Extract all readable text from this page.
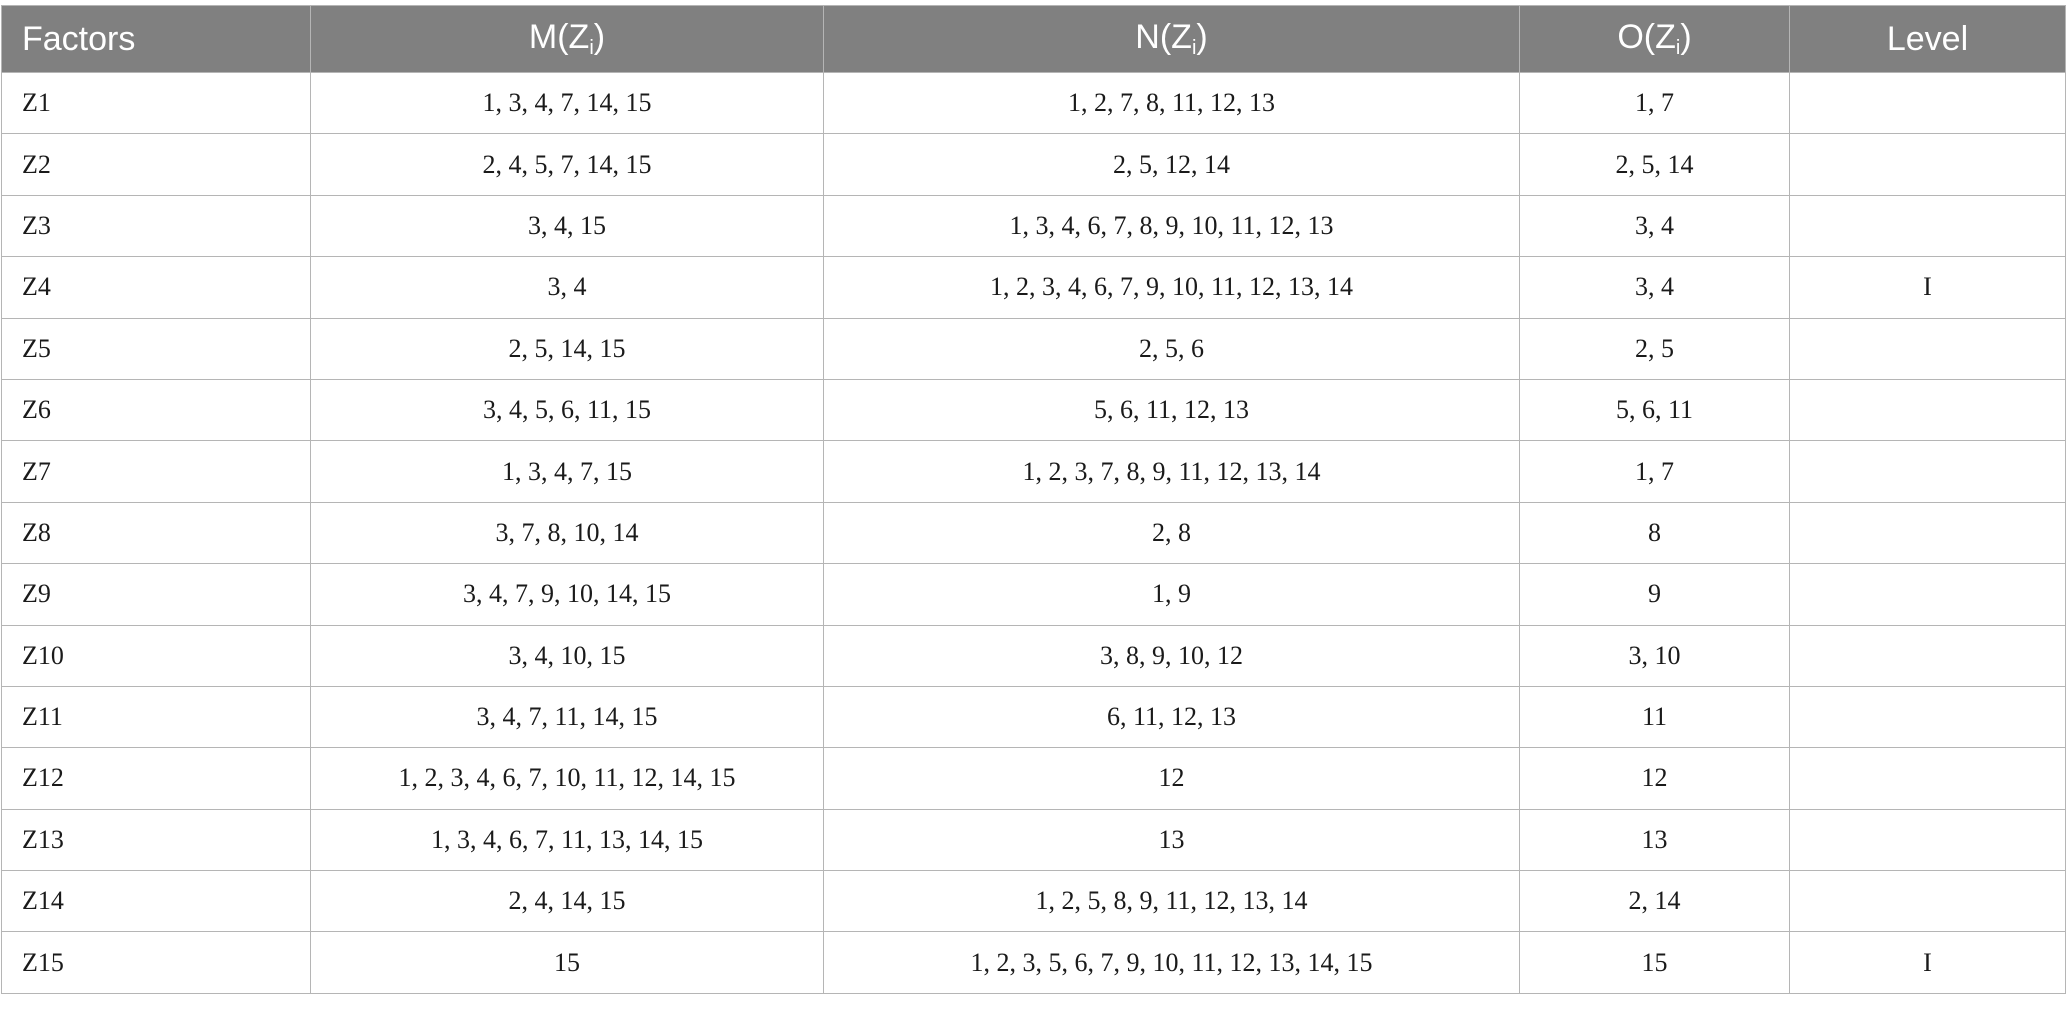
Factors	$M(Z_i)$	$N(Z_i)$	$O(Z_i)$	Level
Z1	1, 3, 4, 7, 14, 15	1, 2, 7, 8, 11, 12, 13	1, 7	
Z2	2, 4, 5, 7, 14, 15	2, 5, 12, 14	2, 5, 14	
Z3	3, 4, 15	1, 3, 4, 6, 7, 8, 9, 10, 11, 12, 13	3, 4	
Z4	3, 4	1, 2, 3, 4, 6, 7, 9, 10, 11, 12, 13, 14	3, 4	I
Z5	2, 5, 14, 15	2, 5, 6	2, 5	
Z6	3, 4, 5, 6, 11, 15	5, 6, 11, 12, 13	5, 6, 11	
Z7	1, 3, 4, 7, 15	1, 2, 3, 7, 8, 9, 11, 12, 13, 14	1, 7	
Z8	3, 7, 8, 10, 14	2, 8	8	
Z9	3, 4, 7, 9, 10, 14, 15	1, 9	9	
Z10	3, 4, 10, 15	3, 8, 9, 10, 12	3, 10	
Z11	3, 4, 7, 11, 14, 15	6, 11, 12, 13	11	
Z12	1, 2, 3, 4, 6, 7, 10, 11, 12, 14, 15	12	12	
Z13	1, 3, 4, 6, 7, 11, 13, 14, 15	13	13	
Z14	2, 4, 14, 15	1, 2, 5, 8, 9, 11, 12, 13, 14	2, 14	
Z15	15	1, 2, 3, 5, 6, 7, 9, 10, 11, 12, 13, 14, 15	15	I
